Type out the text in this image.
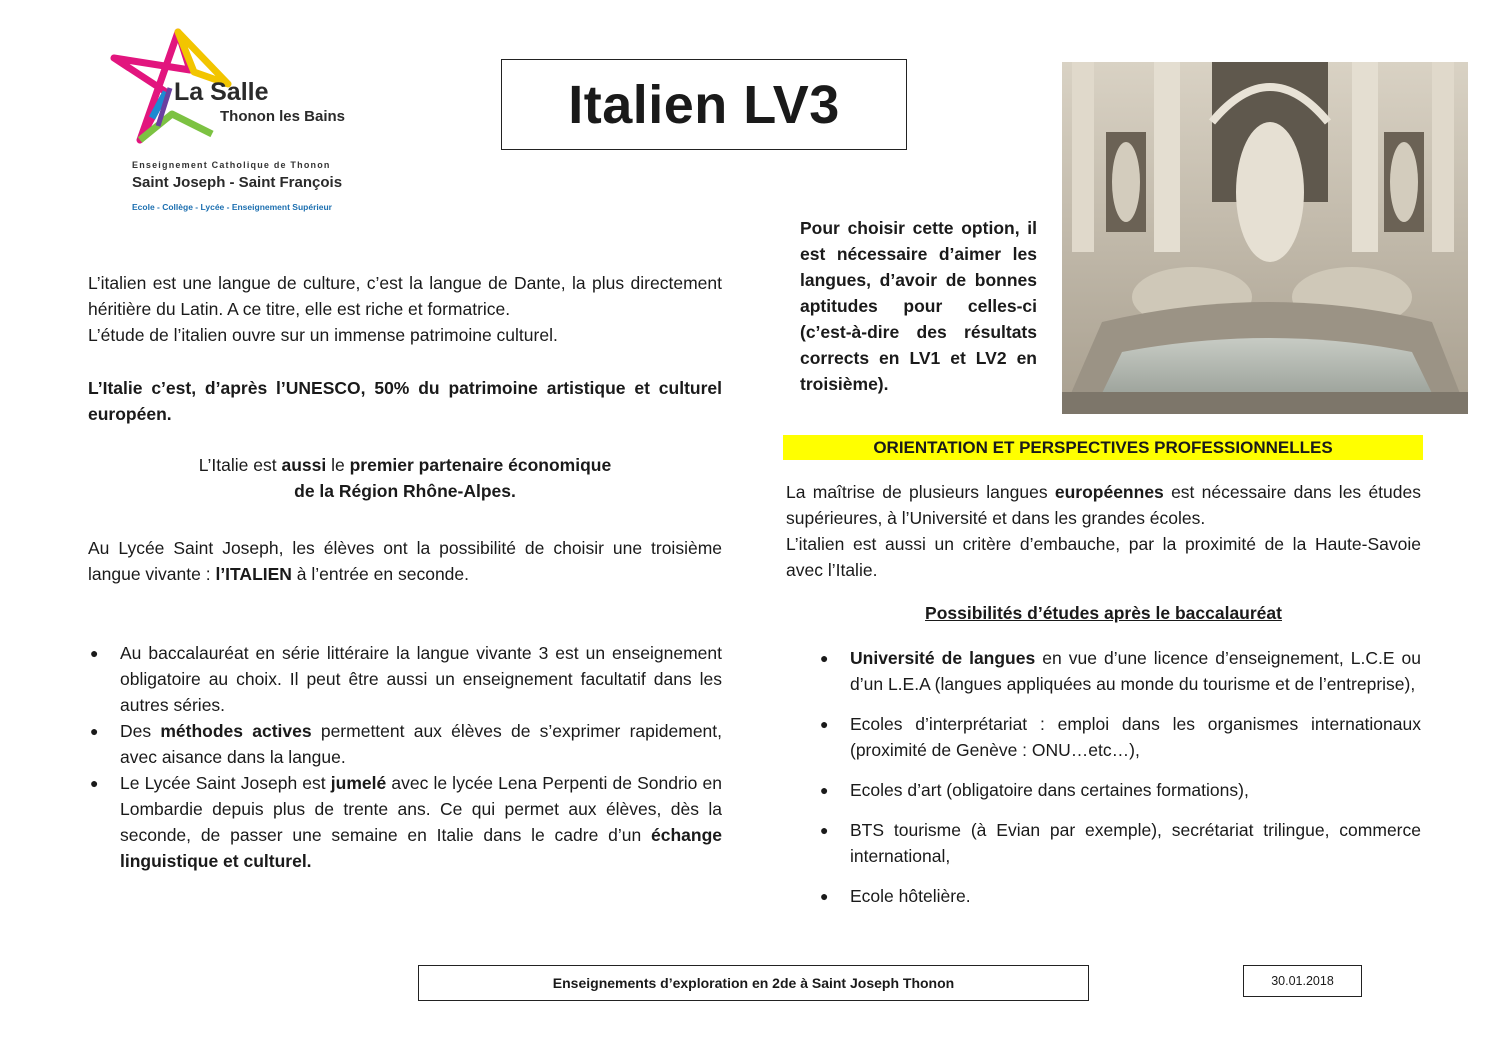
La Salle
Thonon les Bains
Enseignement Catholique de Thonon
Saint Joseph - Saint François
Ecole - Collège - Lycée - Enseignement Supérieur
Italien LV3
L’italien est une langue de culture, c’est la langue de Dante, la plus directement héritière du Latin. A ce titre, elle est riche et formatrice.
L’étude de l’italien ouvre sur un immense patrimoine culturel.
L’Italie c’est, d’après l’UNESCO, 50% du patrimoine artistique et culturel européen.
L’Italie est aussi le premier partenaire économique
de la Région Rhône-Alpes.
Au Lycée Saint Joseph, les élèves ont la possibilité de choisir une troisième langue vivante : l’ITALIEN à l’entrée en seconde.
● Au baccalauréat en série littéraire la langue vivante 3 est un enseignement obligatoire au choix. Il peut être aussi un enseignement facultatif dans les autres séries.
● Des méthodes actives permettent aux élèves de s’exprimer rapidement, avec aisance dans la langue.
● Le Lycée Saint Joseph est jumelé avec le lycée Lena Perpenti de Sondrio en Lombardie depuis plus de trente ans. Ce qui permet aux élèves, dès la seconde, de passer une semaine en Italie dans le cadre d’un échange linguistique et culturel.
Pour choisir cette option, il est nécessaire d’aimer les langues, d’avoir de bonnes aptitudes pour celles-ci (c’est-à-dire des résultats corrects en LV1 et LV2 en troisième).
ORIENTATION ET PERSPECTIVES PROFESSIONNELLES
La maîtrise de plusieurs langues européennes est nécessaire dans les études supérieures, à l’Université et dans les grandes écoles.
L’italien est aussi un critère d’embauche, par la proximité de la Haute-Savoie avec l’Italie.
Possibilités d’études après le baccalauréat
● Université de langues en vue d’une licence d’enseignement, L.C.E ou d’un L.E.A (langues appliquées au monde du tourisme et de l’entreprise),
● Ecoles d’interprétariat : emploi dans les organismes internationaux (proximité de Genève : ONU…etc…),
● Ecoles d’art (obligatoire dans certaines formations),
● BTS tourisme (à Evian par exemple), secrétariat trilingue, commerce international,
● Ecole hôtelière.
Enseignements d’exploration en 2de à Saint Joseph Thonon	30.01.2018
